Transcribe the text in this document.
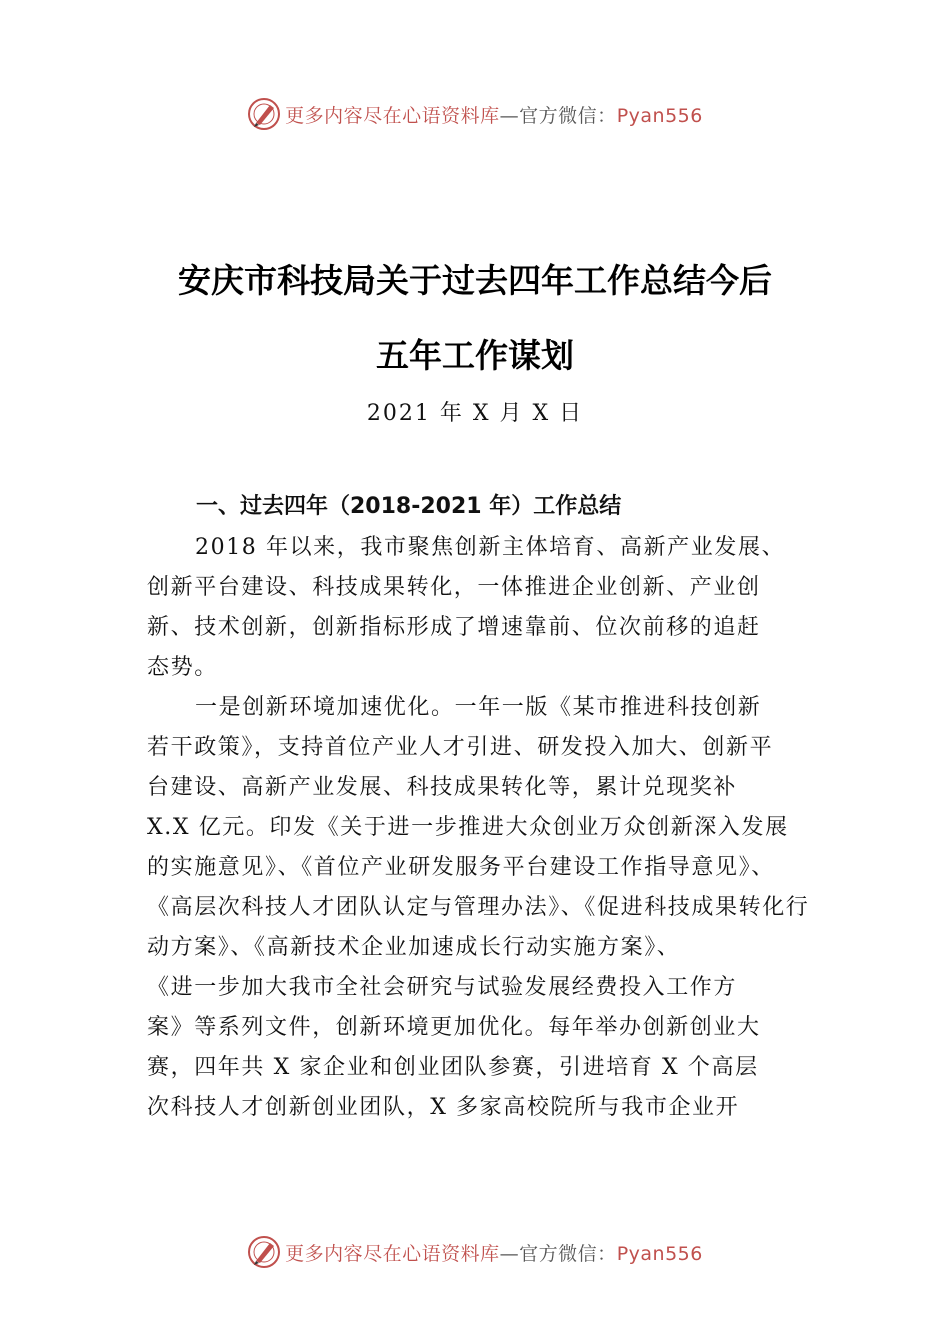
更多内容尽在心语资料库—官方微信：Pyan556
安庆市科技局关于过去四年工作总结今后
五年工作谋划
2021 年 X 月 X 日
一、过去四年（2018-2021 年）工作总结
2018 年以来，我市聚焦创新主体培育、高新产业发展、
创新平台建设、科技成果转化，一体推进企业创新、产业创
新、技术创新，创新指标形成了增速靠前、位次前移的追赶
态势。
一是创新环境加速优化。一年一版《某市推进科技创新
若干政策》，支持首位产业人才引进、研发投入加大、创新平
台建设、高新产业发展、科技成果转化等，累计兑现奖补
X.X 亿元。印发《关于进一步推进大众创业万众创新深入发展
的实施意见》、《首位产业研发服务平台建设工作指导意见》、
《高层次科技人才团队认定与管理办法》、《促进科技成果转化行
动方案》、《高新技术企业加速成长行动实施方案》、
《进一步加大我市全社会研究与试验发展经费投入工作方
案》等系列文件，创新环境更加优化。每年举办创新创业大
赛，四年共 X 家企业和创业团队参赛，引进培育 X 个高层
次科技人才创新创业团队，X 多家高校院所与我市企业开
更多内容尽在心语资料库—官方微信：Pyan556
